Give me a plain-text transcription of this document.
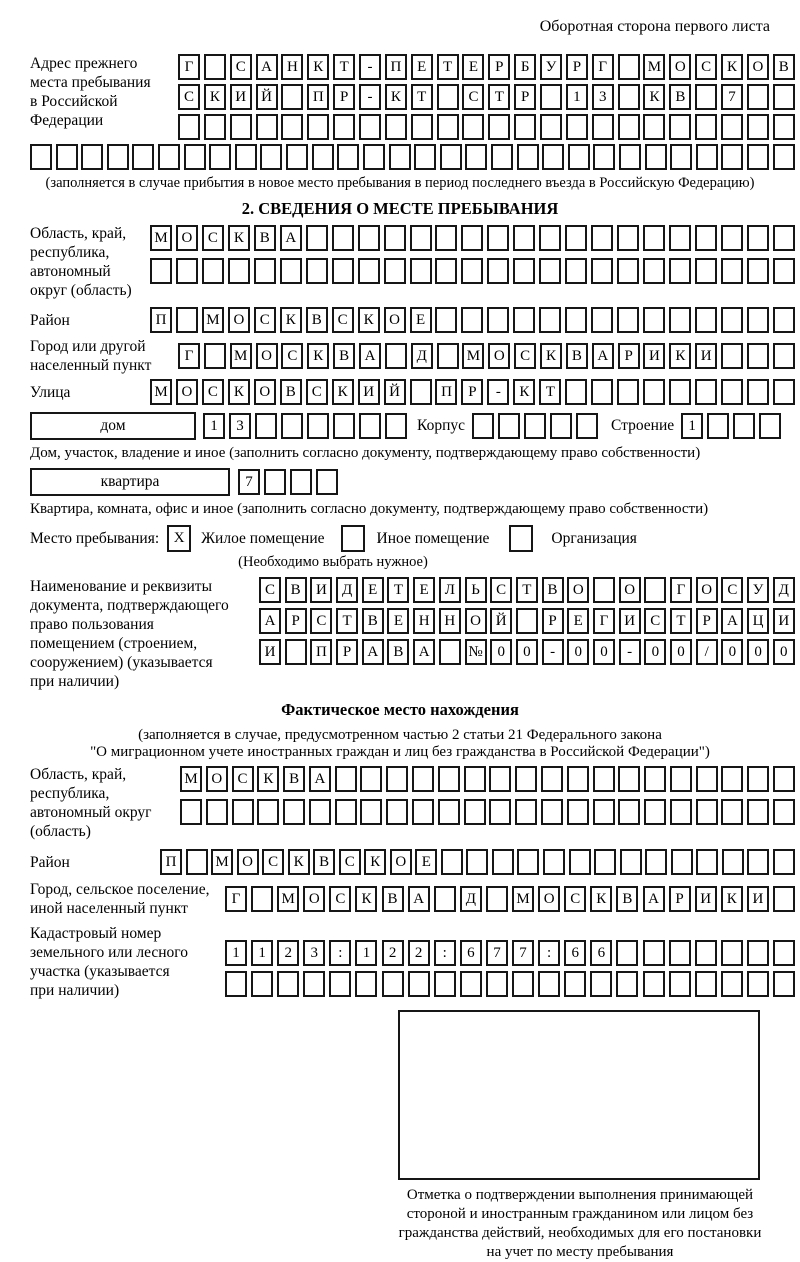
Оборотная сторона первого листа
Адрес прежнего
места пребывания
в Российской
Федерации
Г	С	А	Н	К	Т	-	П	Е	Т	Е	Р	Б	У	Р	Г	М О	С	К	О	В
С	К	И	Й	П	Р	-	К	Т	С	Т	Р	1	3	К	В	7
(заполняется в случае прибытия в новое место пребывания в период последнего въезда в Российскую Федерацию)
2. СВЕДЕНИЯ О МЕСТЕ ПРЕБЫВАНИЯ
Область, край,
республика,
автономный
округ (область)
М О	С	К	В	А
Район	П	М О	С	К	В	С	К	О	Е
Город или другой
населенный пункт
Г	М О	С	К	В	А	Д	М О	С	К	В	А	Р	И	К	И
Улица	М О	С	К	О	В	С	К	И	Й	П	Р	-	К	Т
дом	1	3	Корпус	Строение 1
Дом, участок, владение и иное (заполнить согласно документу, подтверждающему право собственности)
квартира	7
Квартира, комната, офис и иное (заполнить согласно документу, подтверждающему право собственности)
Место пребывания: X	Жилое помещение	Иное помещение	Организация
(Необходимо выбрать нужное)
Наименование и реквизиты
документа, подтверждающего
право пользования
помещением (строением,
сооружением) (указывается
при наличии)
С	В	И	Д	Е	Т	Е	Л	Ь	С	Т	В	О	О	Г	О	С	У	Д
А	Р	С	Т	В	Е	Н Н О Й	Р	Е	Г	И	С	Т	Р	А Ц И
И	П	Р	А	В	А	№ 0	0	-	0	0	-	0	0	/	0	0	0
Фактическое место нахождения
(заполняется в случае, предусмотренном частью 2 статьи 21 Федерального закона
"О миграционном учете иностранных граждан и лиц без гражданства в Российской Федерации")
Область, край,
республика,
автономный округ
(область)
М О	С	К	В	А
Район	П	М О	С	К	В	С	К	О	Е
Город, сельское поселение,
иной населенный пункт
Г	М О	С	К	В	А	Д	М О	С	К	В	А	Р	И	К	И
Кадастровый номер
земельного или лесного
участка (указывается
при наличии)
1	1	2	3	:	1	2	2	:	6	7	7	:	6	6
Отметка о подтверждении выполнения принимающей
стороной и иностранным гражданином или лицом без
гражданства действий, необходимых для его постановки
на учет по месту пребывания
